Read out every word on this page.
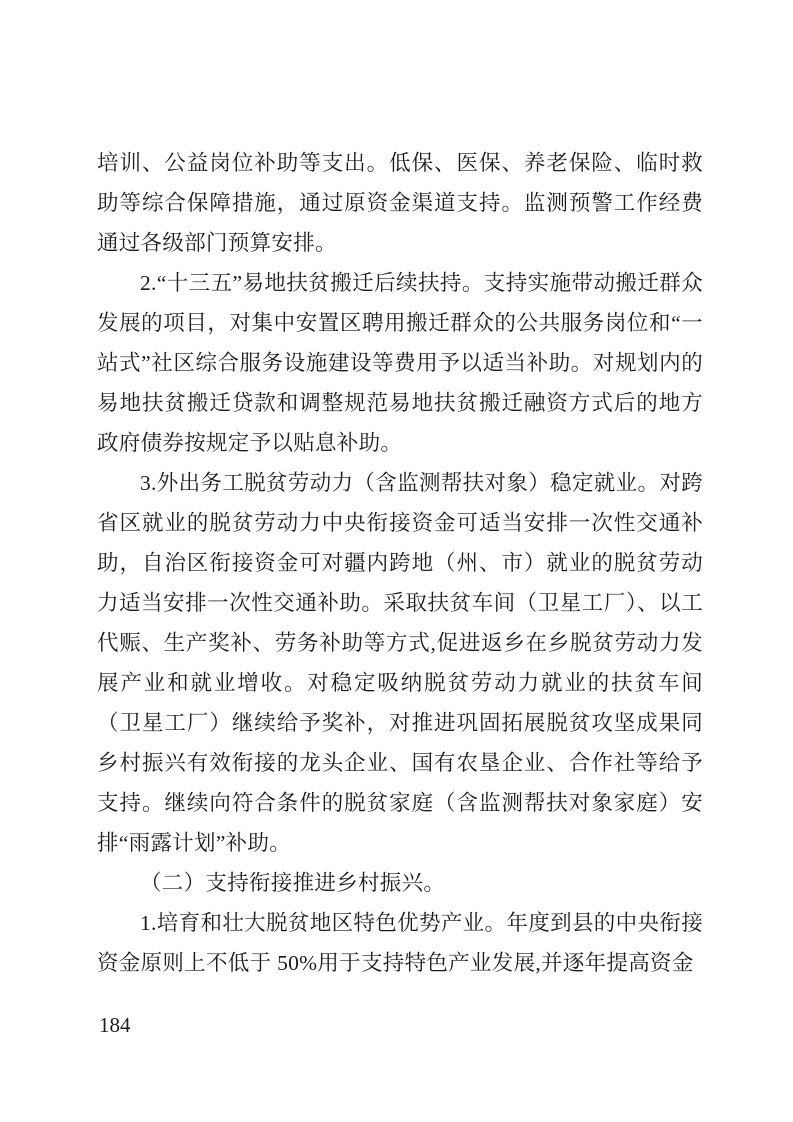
培训、公益岗位补助等支出。低保、医保、养老保险、临时救助等综合保障措施，通过原资金渠道支持。监测预警工作经费通过各级部门预算安排。

2.“十三五”易地扶贫搬迁后续扶持。支持实施带动搬迁群众发展的项目，对集中安置区聘用搬迁群众的公共服务岗位和“一站式”社区综合服务设施建设等费用予以适当补助。对规划内的易地扶贫搬迁贷款和调整规范易地扶贫搬迁融资方式后的地方政府债券按规定予以贴息补助。

3.外出务工脱贫劳动力（含监测帮扶对象）稳定就业。对跨省区就业的脱贫劳动力中央衔接资金可适当安排一次性交通补助，自治区衔接资金可对疆内跨地（州、市）就业的脱贫劳动力适当安排一次性交通补助。采取扶贫车间（卫星工厂）、以工代赈、生产奖补、劳务补助等方式,促进返乡在乡脱贫劳动力发展产业和就业增收。对稳定吸纳脱贫劳动力就业的扶贫车间（卫星工厂）继续给予奖补，对推进巩固拓展脱贫攻坚成果同乡村振兴有效衔接的龙头企业、国有农垦企业、合作社等给予支持。继续向符合条件的脱贫家庭（含监测帮扶对象家庭）安排“雨露计划”补助。

（二）支持衔接推进乡村振兴。

1.培育和壮大脱贫地区特色优势产业。年度到县的中央衔接资金原则上不低于 50%用于支持特色产业发展,并逐年提高资金

184
